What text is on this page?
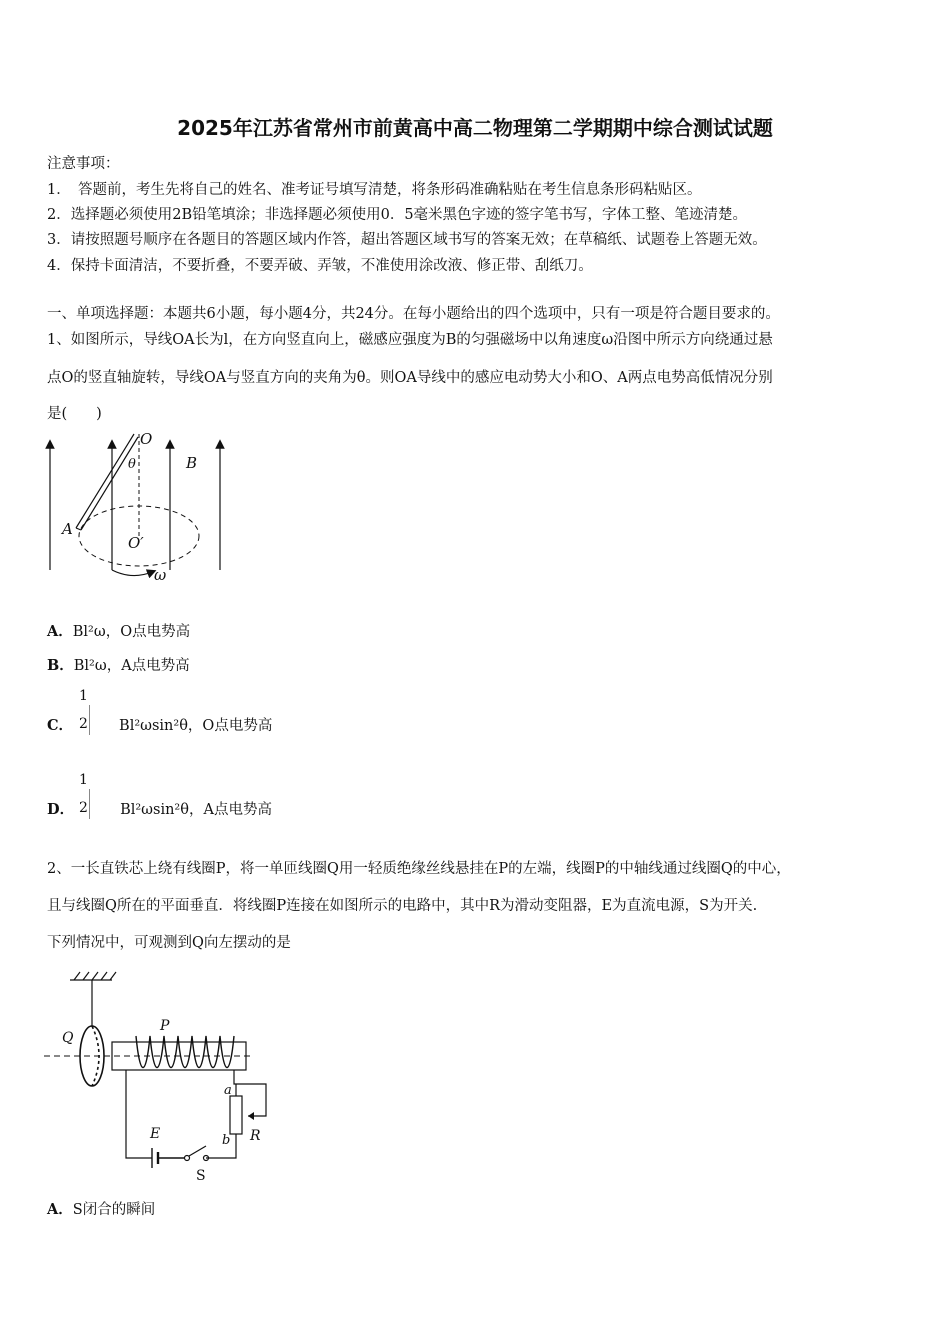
2025年江苏省常州市前黄高中高二物理第二学期期中综合测试试题
注意事项：
1．　答题前，考生先将自己的姓名、准考证号填写清楚，将条形码准确粘贴在考生信息条形码粘贴区。
2．选择题必须使用2B铅笔填涂；非选择题必须使用0．5毫米黑色字迹的签字笔书写，字体工整、笔迹清楚。
3．请按照题号顺序在各题目的答题区域内作答，超出答题区域书写的答案无效；在草稿纸、试题卷上答题无效。
4．保持卡面清洁，不要折叠，不要弄破、弄皱，不准使用涂改液、修正带、刮纸刀。
一、单项选择题：本题共6小题，每小题4分，共24分。在每小题给出的四个选项中，只有一项是符合题目要求的。
1、如图所示，导线OA长为l，在方向竖直向上，磁感应强度为B的匀强磁场中以角速度ω沿图中所示方向绕通过悬
点O的竖直轴旋转，导线OA与竖直方向的夹角为θ。则OA导线中的感应电动势大小和O、A两点电势高低情况分别
是(　　)
O
θ	B
A
O′
ω
A．Bl²ω，O点电势高
B．Bl²ω，A点电势高
C．	Bl²ωsin²θ，O点电势高
1
2
D．	Bl²ωsin²θ，A点电势高
1
2
2、一长直铁芯上绕有线圈P，将一单匝线圈Q用一轻质绝缘丝线悬挂在P的左端，线圈P的中轴线通过线圈Q的中心，
且与线圈Q所在的平面垂直．将线圈P连接在如图所示的电路中，其中R为滑动变阻器，E为直流电源，S为开关.
下列情况中，可观测到Q向左摆动的是
Q
P
a
b R
E
S
A．S闭合的瞬间
